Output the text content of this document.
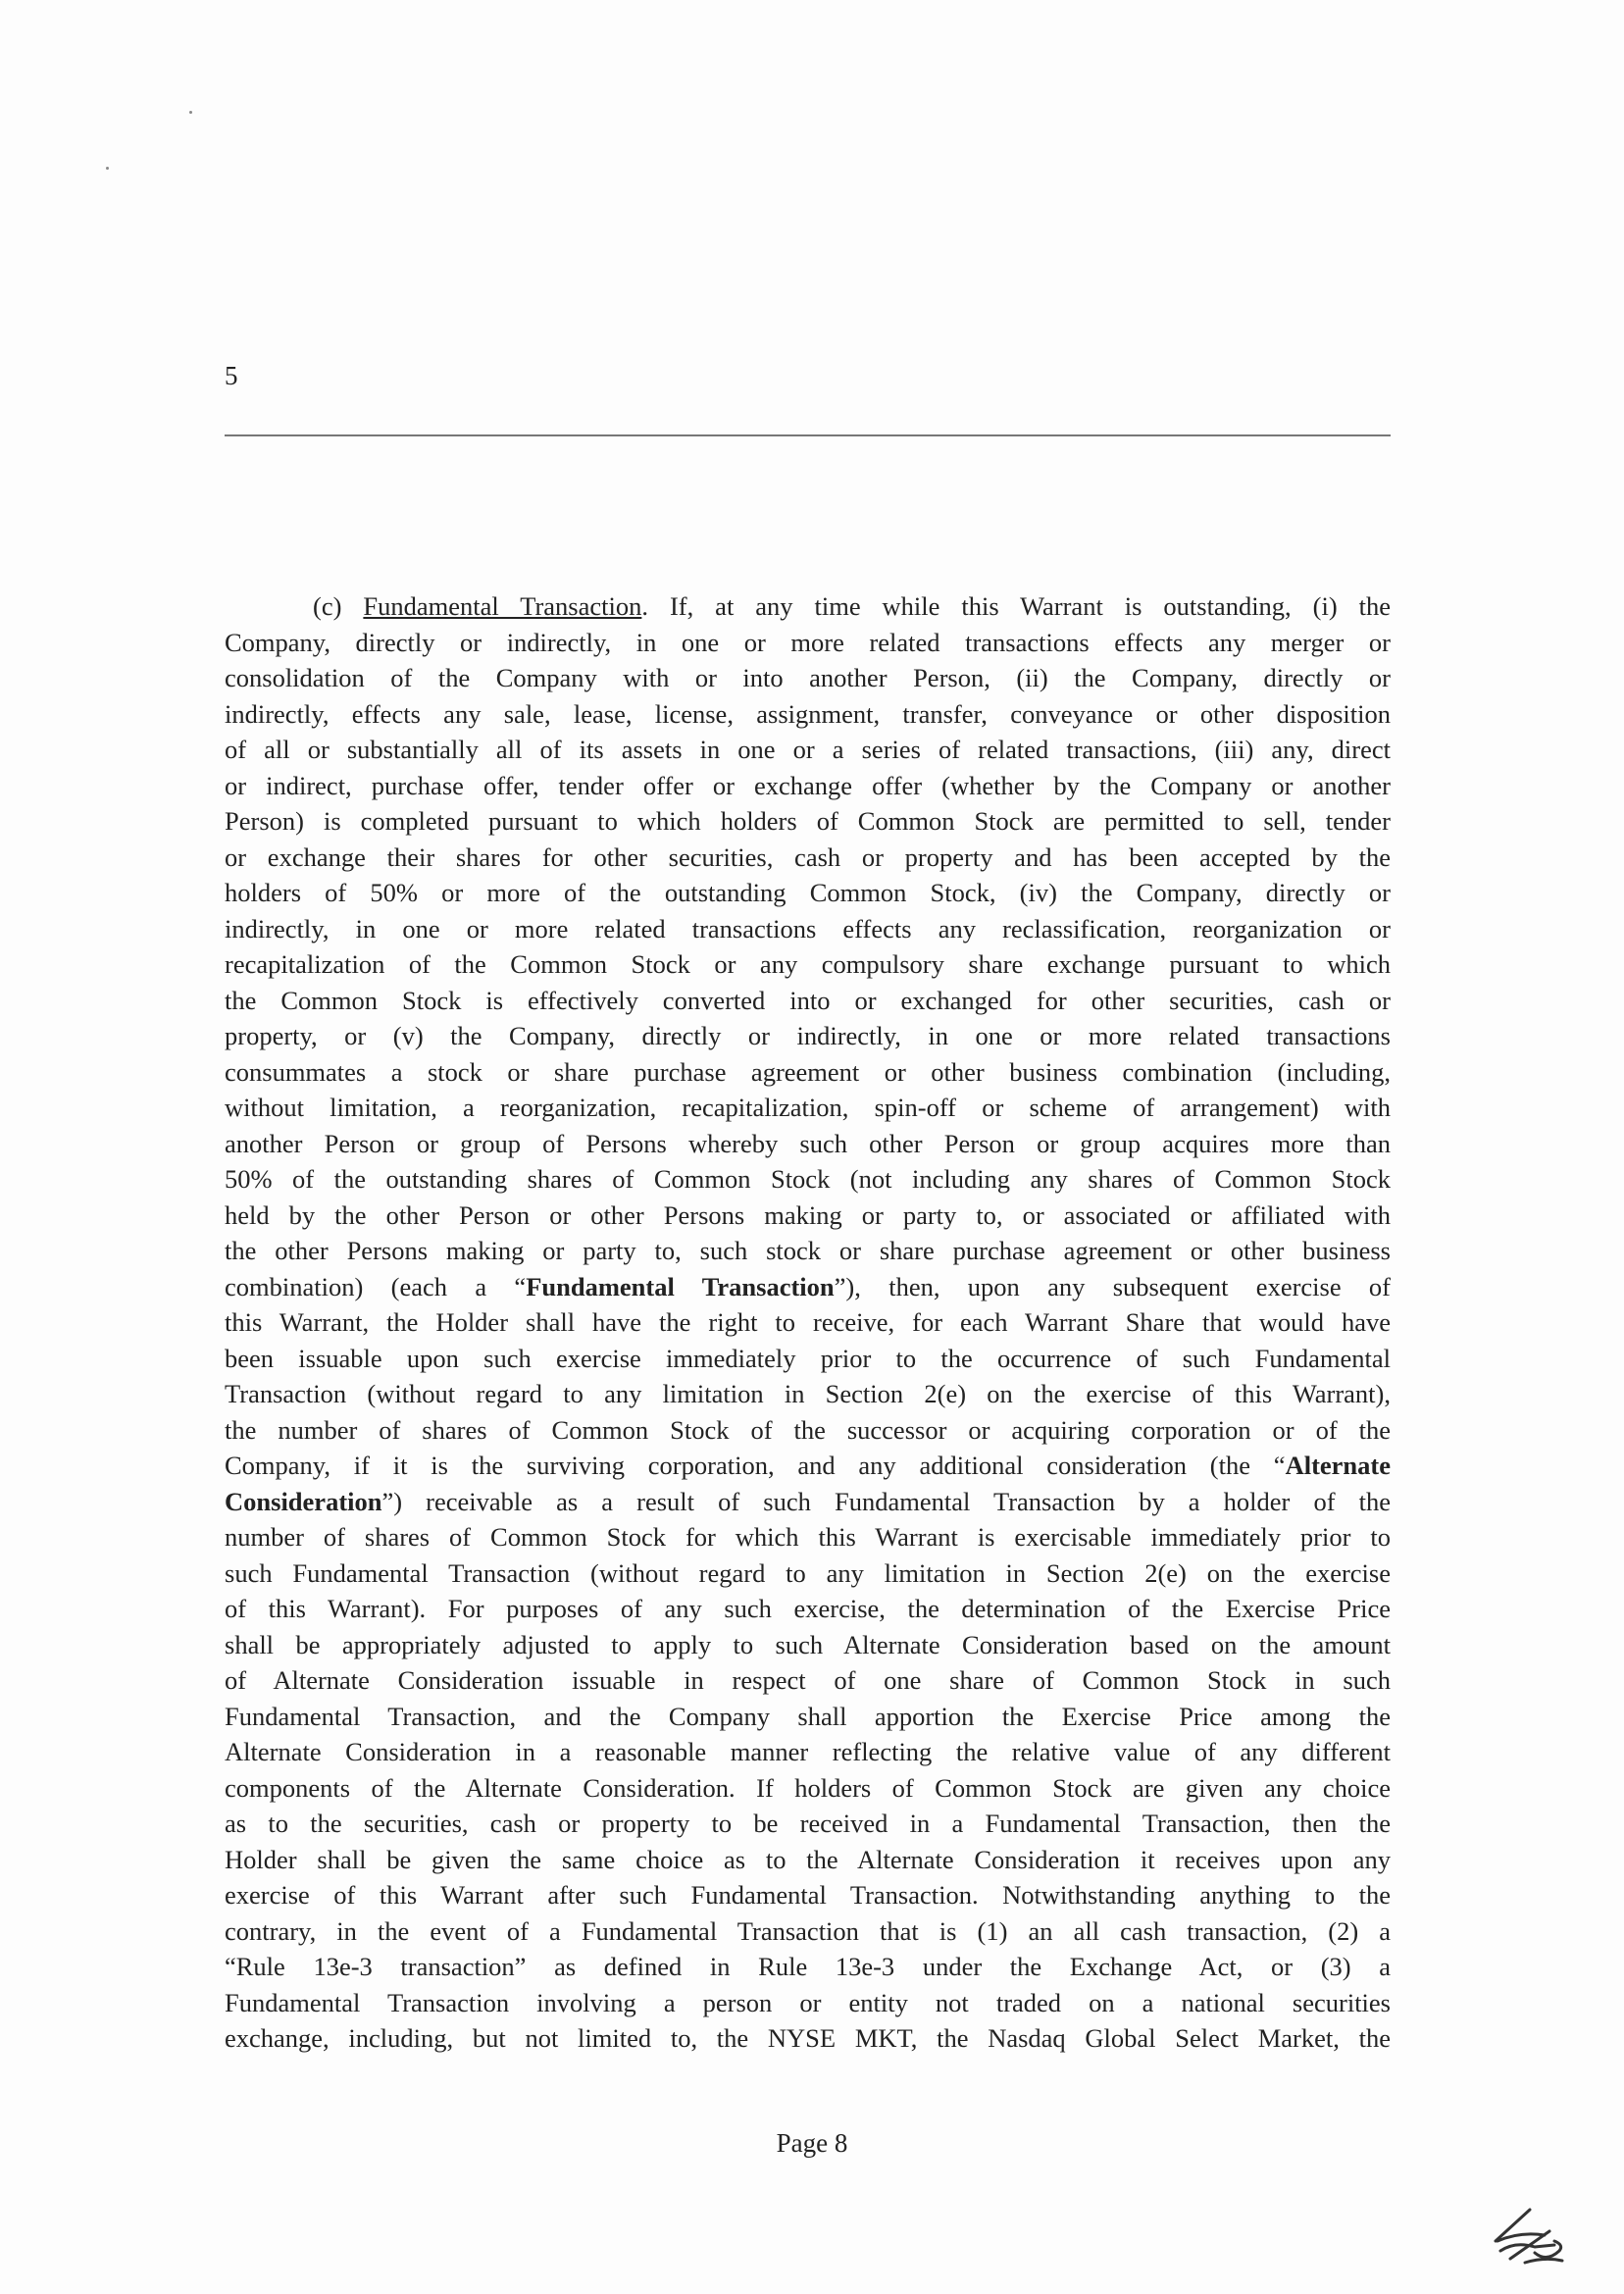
5
(c) Fundamental Transaction. If, at any time while this Warrant is outstanding, (i) the
Company, directly or indirectly, in one or more related transactions effects any merger or
consolidation of the Company with or into another Person, (ii) the Company, directly or
indirectly, effects any sale, lease, license, assignment, transfer, conveyance or other disposition
of all or substantially all of its assets in one or a series of related transactions, (iii) any, direct
or indirect, purchase offer, tender offer or exchange offer (whether by the Company or another
Person) is completed pursuant to which holders of Common Stock are permitted to sell, tender
or exchange their shares for other securities, cash or property and has been accepted by the
holders of 50% or more of the outstanding Common Stock, (iv) the Company, directly or
indirectly, in one or more related transactions effects any reclassification, reorganization or
recapitalization of the Common Stock or any compulsory share exchange pursuant to which
the Common Stock is effectively converted into or exchanged for other securities, cash or
property, or (v) the Company, directly or indirectly, in one or more related transactions
consummates a stock or share purchase agreement or other business combination (including,
without limitation, a reorganization, recapitalization, spin-off or scheme of arrangement) with
another Person or group of Persons whereby such other Person or group acquires more than
50% of the outstanding shares of Common Stock (not including any shares of Common Stock
held by the other Person or other Persons making or party to, or associated or affiliated with
the other Persons making or party to, such stock or share purchase agreement or other business
combination) (each a “Fundamental Transaction”), then, upon any subsequent exercise of
this Warrant, the Holder shall have the right to receive, for each Warrant Share that would have
been issuable upon such exercise immediately prior to the occurrence of such Fundamental
Transaction (without regard to any limitation in Section 2(e) on the exercise of this Warrant),
the number of shares of Common Stock of the successor or acquiring corporation or of the
Company, if it is the surviving corporation, and any additional consideration (the “Alternate
Consideration”) receivable as a result of such Fundamental Transaction by a holder of the
number of shares of Common Stock for which this Warrant is exercisable immediately prior to
such Fundamental Transaction (without regard to any limitation in Section 2(e) on the exercise
of this Warrant). For purposes of any such exercise, the determination of the Exercise Price
shall be appropriately adjusted to apply to such Alternate Consideration based on the amount
of Alternate Consideration issuable in respect of one share of Common Stock in such
Fundamental Transaction, and the Company shall apportion the Exercise Price among the
Alternate Consideration in a reasonable manner reflecting the relative value of any different
components of the Alternate Consideration. If holders of Common Stock are given any choice
as to the securities, cash or property to be received in a Fundamental Transaction, then the
Holder shall be given the same choice as to the Alternate Consideration it receives upon any
exercise of this Warrant after such Fundamental Transaction. Notwithstanding anything to the
contrary, in the event of a Fundamental Transaction that is (1) an all cash transaction, (2) a
“Rule 13e-3 transaction” as defined in Rule 13e-3 under the Exchange Act, or (3) a
Fundamental Transaction involving a person or entity not traded on a national securities
exchange, including, but not limited to, the NYSE MKT, the Nasdaq Global Select Market, the
Page 8
